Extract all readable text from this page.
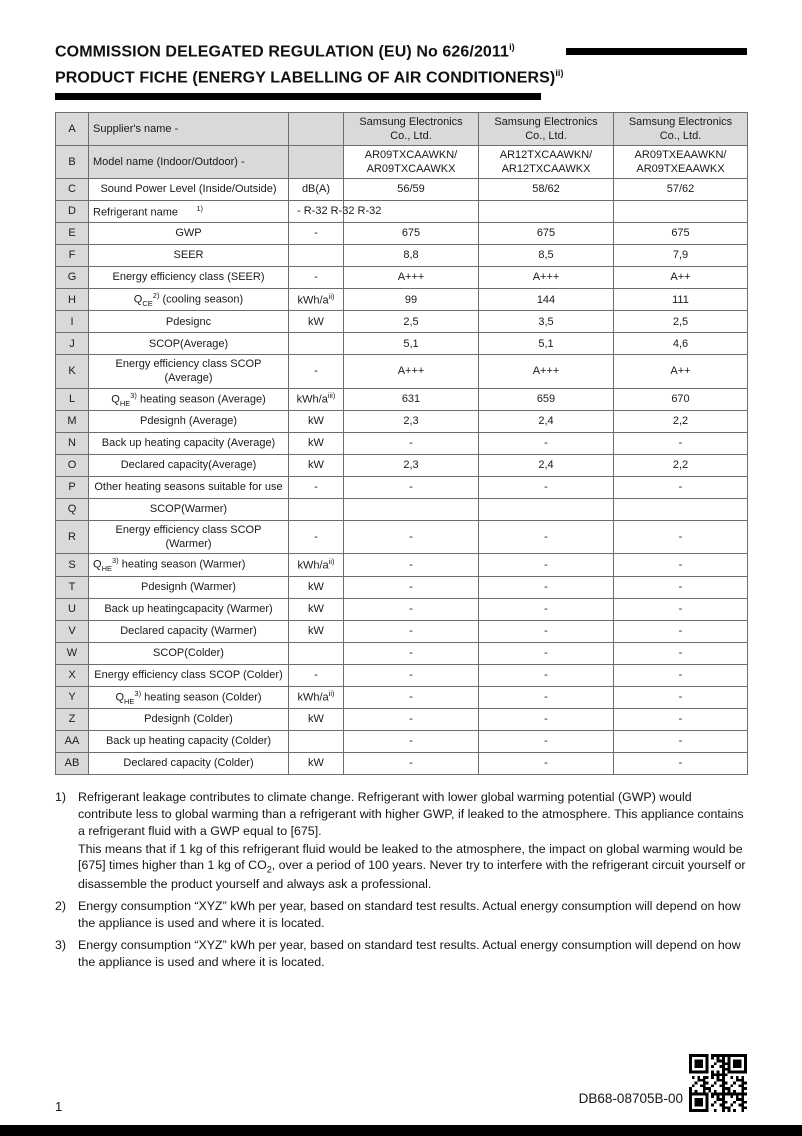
COMMISSION DELEGATED REGULATION (EU) No 626/2011$^{i)}$
PRODUCT FICHE (ENERGY LABELLING OF AIR CONDITIONERS)$^{ii)}$
A	Supplier's name -		Samsung Electronics Co., Ltd.	Samsung Electronics Co., Ltd.	Samsung Electronics Co., Ltd.
B	Model name (Indoor/Outdoor) -		AR09TXCAAWKN/ AR09TXCAAWKX	AR12TXCAAWKN/ AR12TXCAAWKX	AR09TXEAAWKN/ AR09TXEAAWKX
C	Sound Power Level (Inside/Outside)	dB(A)	56/59	58/62	57/62
D	Refrigerant name      $^{1)}$	- R-32 R-32 R-32			

E	GWP	-	675	675	675
F	SEER		8,8	8,5	7,9
G	Energy efficiency class (SEER)	-	A+++	A+++	A++
H	$Q_{CE}^{2)}$ (cooling season)	kWh/$a^{ii)}$	99	144	111
I	Pdesignc	kW	2,5	3,5	2,5
J	SCOP(Average)		5,1	5,1	4,6
K	Energy efficiency class SCOP (Average)	-	A+++	A+++	A++
L	$Q_{HE}^{3)}$ heating season (Average)	kWh/$a^{iii)}$	631	659	670
M	Pdesignh (Average)	kW	2,3	2,4	2,2
N	Back up heating capacity (Average)	kW	-	-	-
O	Declared capacity(Average)	kW	2,3	2,4	2,2
P	Other heating seasons suitable for use	-	-	-	-
Q	SCOP(Warmer)				
R	Energy efficiency class SCOP (Warmer)	-	-	-	-
S	$Q_{HE}^{3)}$ heating season (Warmer)	kWh/$a^{ii)}$	-	-	-
T	Pdesignh (Warmer)	kW	-	-	-
U	Back up heatingcapacity (Warmer)	kW	-	-	-
V	Declared capacity (Warmer)	kW	-	-	-
W	SCOP(Colder)		-	-	-
X	Energy efficiency class SCOP (Colder)	-	-	-	-
Y	$Q_{HE}^{3)}$ heating season (Colder)	kWh/$a^{ii)}$	-	-	-
Z	Pdesignh (Colder)	kW	-	-	-
AA	Back up heating capacity (Colder)		-	-	-
AB	Declared capacity (Colder)	kW	-	-	-
1) Refrigerant leakage contributes to climate change. Refrigerant with lower global warming potential (GWP) would contribute less to global warming than a refrigerant with higher GWP, if leaked to the atmosphere. This appliance contains a refrigerant fluid with a GWP equal to [675].

This means that if 1 kg of this refrigerant fluid would be leaked to the atmosphere, the impact on global warming would be [675] times higher than 1 kg of $CO_2$, over a period of 100 years. Never try to interfere with the refrigerant circuit yourself or disassemble the product yourself and always ask a professional.

2) Energy consumption “XYZ” kWh per year, based on standard test results. Actual energy consumption will depend on how the appliance is used and where it is located.

3) Energy consumption “XYZ” kWh per year, based on standard test results. Actual energy consumption will depend on how the appliance is used and where it is located.

DB68-08705B-00
1
